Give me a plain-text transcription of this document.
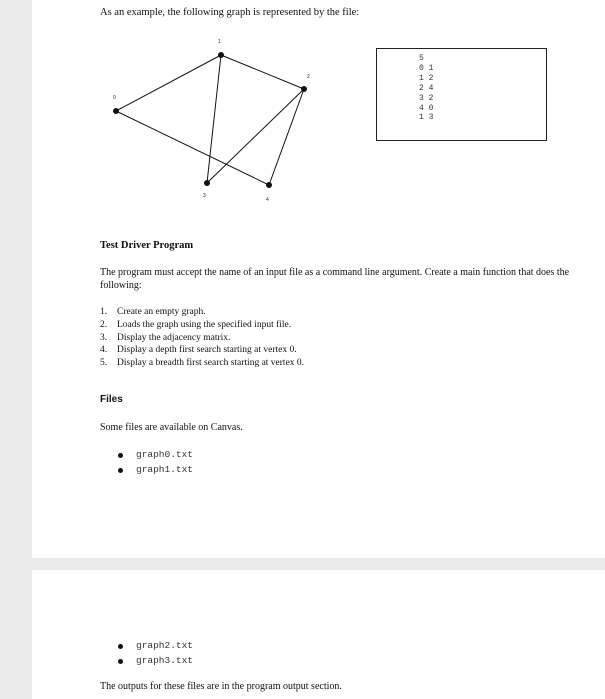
As an example, the following graph is represented by the file:
0
1
2
3
4
5
0 1
1 2
2 4
3 2
4 0
1 3
Test Driver Program
The program must accept the name of an input file as a command line argument. Create a main function that does the following:
1. Create an empty graph.
2. Loads the graph using the specified input file.
3. Display the adjacency matrix.
4. Display a depth first search starting at vertex 0.
5. Display a breadth first search starting at vertex 0.
Files
Some files are available on Canvas.
graph0.txt
graph1.txt
graph2.txt
graph3.txt
The outputs for these files are in the program output section.
